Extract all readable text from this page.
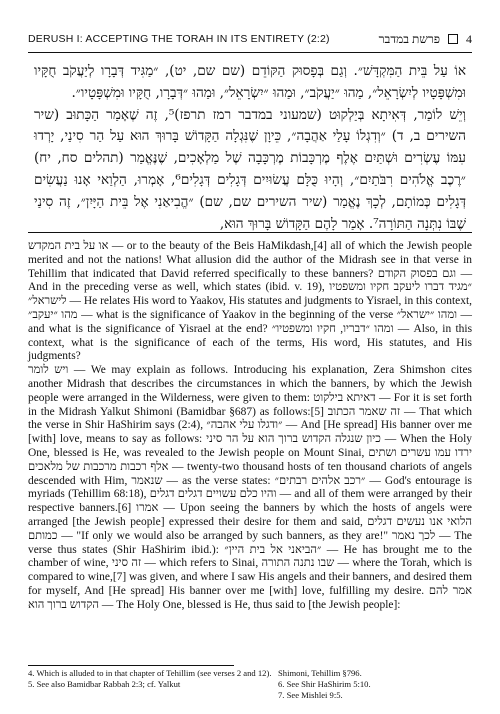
DERUSH I: ACCEPTING THE TORAH IN ITS ENTIRETY (2:2)	פרשת במדבר 4

אוֹ עַל בֵּית הַמִּקְדָּשׁ״. וְגַם בְּפָסוּק הַקּוֹדֵם (שם שם, יט), ״מַגִּיד דְּבָרָו לְיַעֲקֹב חֻקָּיו וּמִשְׁפָּטָיו לְיִשְׂרָאֵל״, מַהוּ ״יַעֲקֹב״, וּמַהוּ ״יִשְׂרָאֵל״, וּמַהוּ ״דְּבָרָו, חֻקָּיו וּמִשְׁפָּטָיו״.

וְיֵשׁ לוֹמַר, דְּאִיתָא בְּיַלְקוּט (שמעוני במדבר רמז תרפז)⁵, זֶה שֶׁאָמַר הַכָּתוּב (שיר השירים ב, ד) ״וְדִגְלוֹ עָלַי אַהֲבָה״, כֵּיוָן שֶׁנִּגְלָה הַקָּדוֹשׁ בָּרוּךְ הוּא עַל הַר סִינַי, יָרְדוּ עִמּוֹ עֶשְׂרִים וּשְׁתַּיִם אֶלֶף מֶרְכָּבוֹת מֶרְכָּבָה שֶׁל מַלְאָכִים, שֶׁנֶּאֱמַר (תהלים סח, יח) ״רֶכֶב אֱלֹהִים רִבֹּתַיִם״, וְהָיוּ כֻּלָּם עֲשׂוּיִים דְּגָלִים דְּגָלִים⁶, אָמְרוּ, הַלְוַאי אָנוּ נַעֲשִׂים דְּגָלִים כְּמוֹתָם, לְכָךְ נֶאֱמַר (שיר השירים שם, שם) ״הֱבִיאַנִי אֶל בֵּית הַיָּיִן״, זֶה סִינַי שֶׁבּוֹ נִתְּנָה הַתּוֹרָה⁷. אָמַר לָהֶם הַקָּדוֹשׁ בָּרוּךְ הוּא,

או על בית המקדש — or to the beauty of the Beis HaMikdash,[4] all of which the Jewish people merited and not the nations! What allusion did the author of the Midrash see in that verse in Tehillim that indicated that David referred specifically to these banners? וגם בפסוק הקודם — And in the preceding verse as well, which states (ibid. v. 19), ״מגיד דברו ליעקב חקיו ומשפטיו לישראל״ — He relates His word to Yaakov, His statutes and judgments to Yisrael, in this context, מהו ״יעקב״ — what is the significance of Yaakov in the beginning of the verse ומהו ״ישראל״ — and what is the significance of Yisrael at the end? ומהו ״דבריו, חקיו ומשפטיו״ — Also, in this context, what is the significance of each of the terms, His word, His statutes, and His judgments?

ויש לומר — We may explain as follows. Introducing his explanation, Zera Shimshon cites another Midrash that describes the circumstances in which the banners, by which the Jewish people were arranged in the Wilderness, were given to them: דאיתא בילקוט — For it is set forth in the Midrash Yalkut Shimoni (Bamidbar §687) as follows:[5] זה שאמר הכתוב — That which the verse in Shir HaShirim says (2:4), ״ודגלו עלי אהבה״ — And [He spread] His banner over me [with] love, means to say as follows: כיון שנגלה הקדוש ברוך הוא על הר סיני — When the Holy One, blessed is He, was revealed to the Jewish people on Mount Sinai, ירדו עמו עשרים ושתים אלף רכבות מרכבות של מלאכים — twenty-two thousand hosts of ten thousand chariots of angels descended with Him, שנאמר — as the verse states: ״רכב אלהים רבתים״ — God's entourage is myriads (Tehillim 68:18), והיו כלם עשויים דגלים דגלים — and all of them were arranged by their respective banners.[6] אמרו — Upon seeing the banners by which the hosts of angels were arranged [the Jewish people] expressed their desire for them and said, הלואי אנו נעשים דגלים כמותם — "If only we would also be arranged by such banners, as they are!" לכך נאמר — The verse thus states (Shir HaShirim ibid.): ״הביאני אל בית היין״ — He has brought me to the chamber of wine, זה סיני — which refers to Sinai, שבו נתנה התורה — where the Torah, which is compared to wine,[7] was given, and where I saw His angels and their banners, and desired them for myself, And [He spread] His banner over me [with] love, fulfilling my desire. אמר להם הקדוש ברוך הוא — The Holy One, blessed is He, thus said to [the Jewish people]:

4. Which is alluded to in that chapter of Tehillim (see verses 2 and 12). Shimoni, Tehillim §796.
5. See also Bamidbar Rabbah 2:3; cf. Yalkut	6. See Shir HaShirim 5:10.
7. See Mishlei 9:5.
